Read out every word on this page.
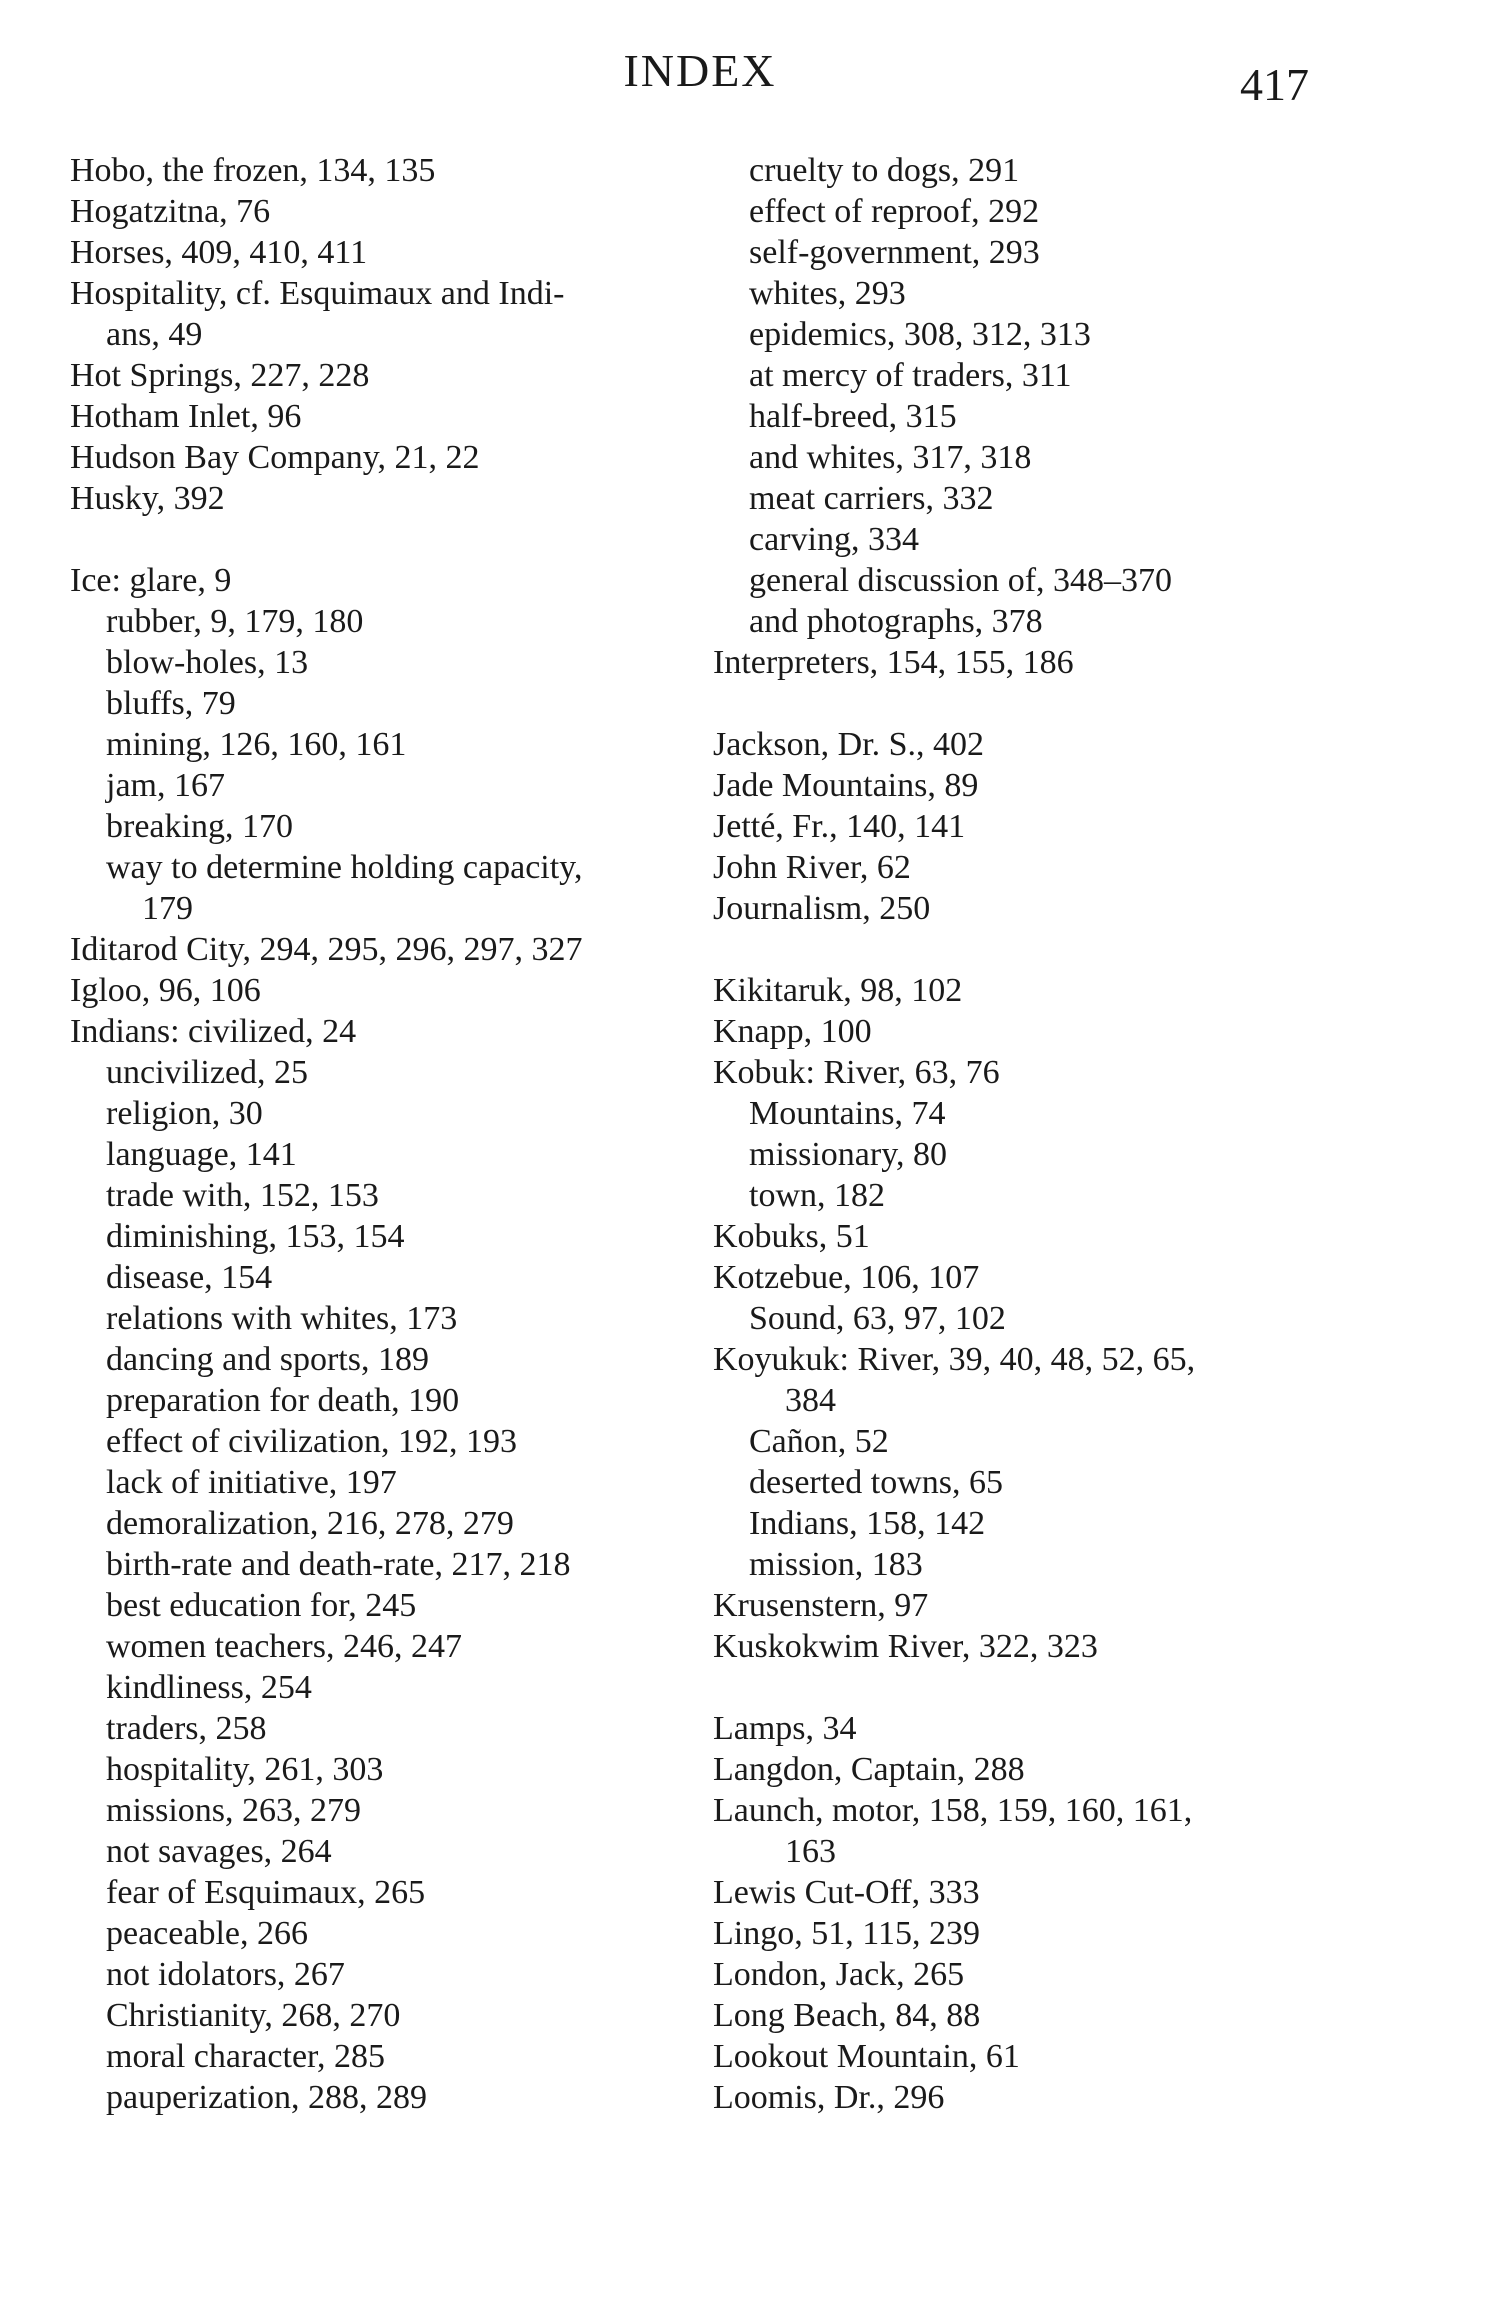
INDEX	417
Hobo, the frozen, 134, 135
Hogatzitna, 76
Horses, 409, 410, 411
Hospitality, cf. Esquimaux and Indi-
ans, 49
Hot Springs, 227, 228
Hotham Inlet, 96
Hudson Bay Company, 21, 22
Husky, 392
Ice: glare, 9
rubber, 9, 179, 180
blow-holes, 13
bluffs, 79
mining, 126, 160, 161
jam, 167
breaking, 170
way to determine holding capacity,
179
Iditarod City, 294, 295, 296, 297, 327
Igloo, 96, 106
Indians: civilized, 24
uncivilized, 25
religion, 30
language, 141
trade with, 152, 153
diminishing, 153, 154
disease, 154
relations with whites, 173
dancing and sports, 189
preparation for death, 190
effect of civilization, 192, 193
lack of initiative, 197
demoralization, 216, 278, 279
birth-rate and death-rate, 217, 218
best education for, 245
women teachers, 246, 247
kindliness, 254
traders, 258
hospitality, 261, 303
missions, 263, 279
not savages, 264
fear of Esquimaux, 265
peaceable, 266
not idolators, 267
Christianity, 268, 270
moral character, 285
pauperization, 288, 289
cruelty to dogs, 291
effect of reproof, 292
self-government, 293
whites, 293
epidemics, 308, 312, 313
at mercy of traders, 311
half-breed, 315
and whites, 317, 318
meat carriers, 332
carving, 334
general discussion of, 348–370
and photographs, 378
Interpreters, 154, 155, 186
Jackson, Dr. S., 402
Jade Mountains, 89
Jetté, Fr., 140, 141
John River, 62
Journalism, 250
Kikitaruk, 98, 102
Knapp, 100
Kobuk: River, 63, 76
Mountains, 74
missionary, 80
town, 182
Kobuks, 51
Kotzebue, 106, 107
Sound, 63, 97, 102
Koyukuk: River, 39, 40, 48, 52, 65,
384
Cañon, 52
deserted towns, 65
Indians, 158, 142
mission, 183
Krusenstern, 97
Kuskokwim River, 322, 323
Lamps, 34
Langdon, Captain, 288
Launch, motor, 158, 159, 160, 161,
163
Lewis Cut-Off, 333
Lingo, 51, 115, 239
London, Jack, 265
Long Beach, 84, 88
Lookout Mountain, 61
Loomis, Dr., 296
